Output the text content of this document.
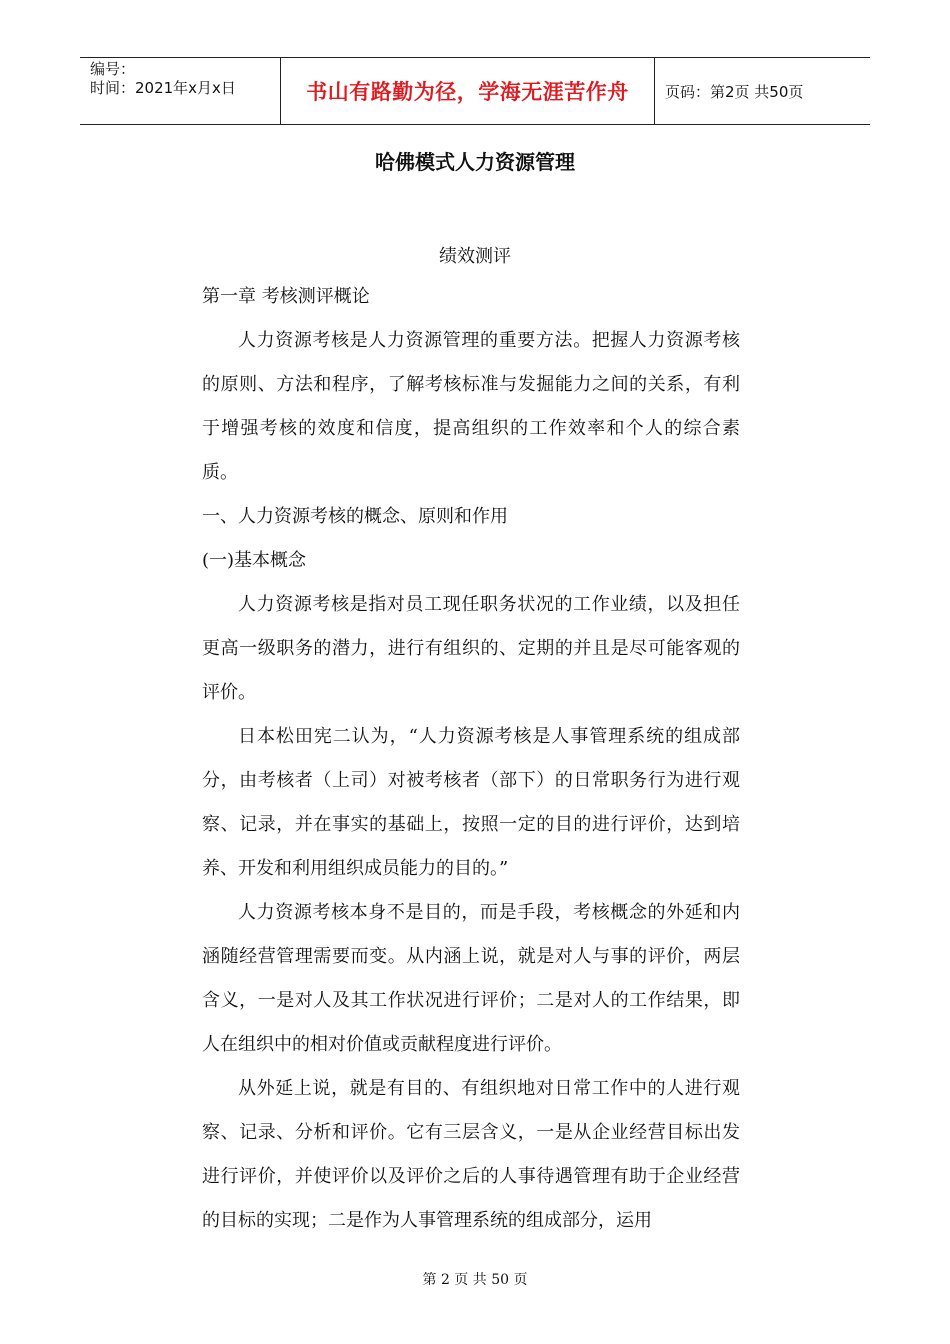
编号：
时间：2021年x月x日	书山有路勤为径，学海无涯苦作舟 页码：第2页 共50页
哈佛模式人力资源管理
绩效测评

第一章 考核测评概论

人力资源考核是人力资源管理的重要方法。把握人力资源考核的原则、方法和程序，了解考核标准与发掘能力之间的关系，有利于增强考核的效度和信度，提高组织的工作效率和个人的综合素质。

一、人力资源考核的概念、原则和作用

(一)基本概念

人力资源考核是指对员工现任职务状况的工作业绩，以及担任更高一级职务的潜力，进行有组织的、定期的并且是尽可能客观的评价。

日本松田宪二认为，“人力资源考核是人事管理系统的组成部分，由考核者（上司）对被考核者（部下）的日常职务行为进行观察、记录，并在事实的基础上，按照一定的目的进行评价，达到培养、开发和利用组织成员能力的目的。”

人力资源考核本身不是目的，而是手段，考核概念的外延和内涵随经营管理需要而变。从内涵上说，就是对人与事的评价，两层含义，一是对人及其工作状况进行评价；二是对人的工作结果，即人在组织中的相对价值或贡献程度进行评价。

从外延上说，就是有目的、有组织地对日常工作中的人进行观察、记录、分析和评价。它有三层含义，一是从企业经营目标出发进行评价，并使评价以及评价之后的人事待遇管理有助于企业经营的目标的实现；二是作为人事管理系统的组成部分，运用

第 2 页 共 50 页
